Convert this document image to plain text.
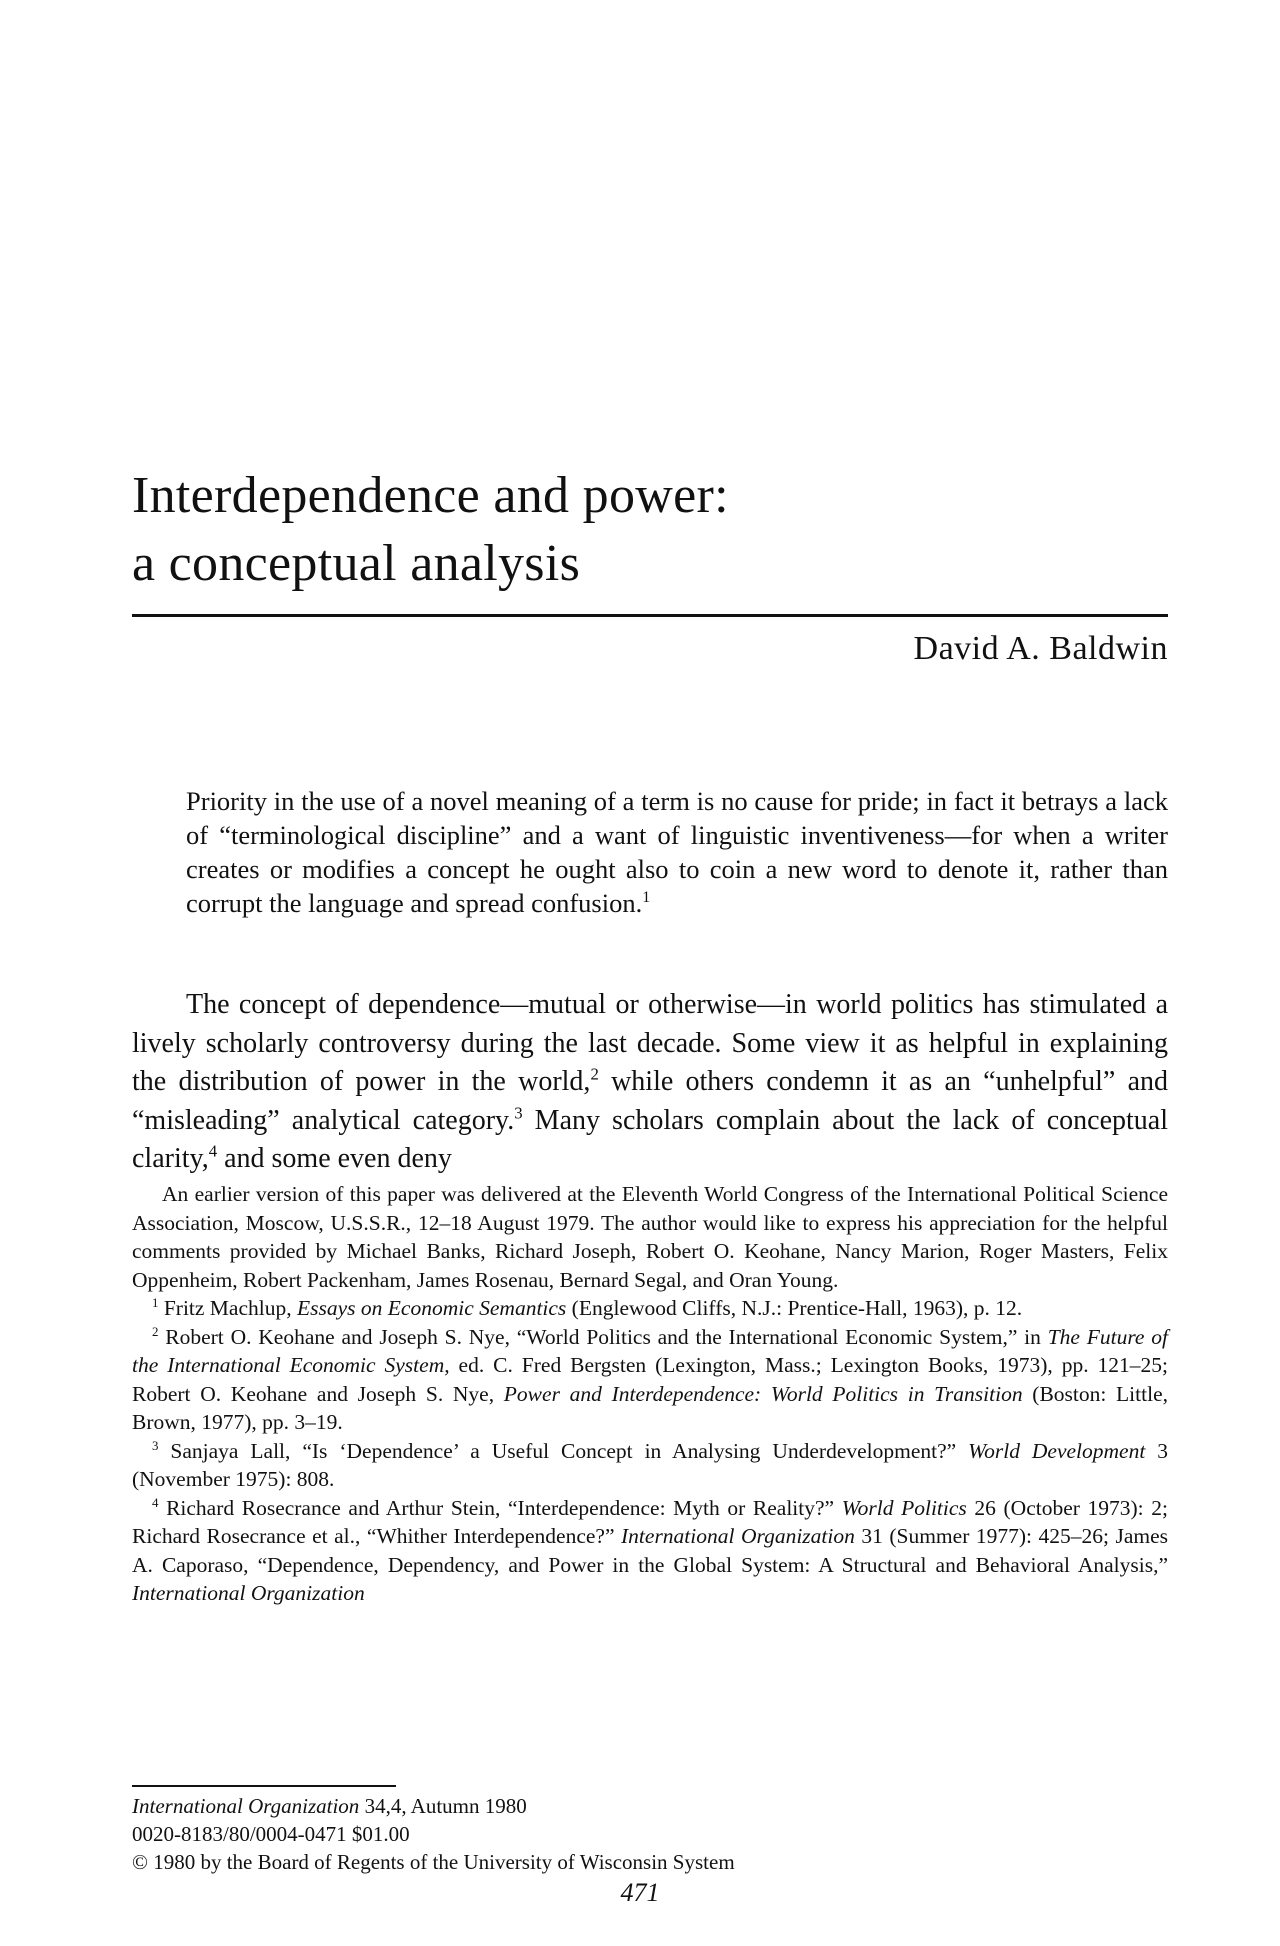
Interdependence and power:
a conceptual analysis
David A. Baldwin

Priority in the use of a novel meaning of a term is no cause for pride; in fact it betrays a lack of “terminological discipline” and a want of linguistic inventiveness—for when a writer creates or modifies a concept he ought also to coin a new word to denote it, rather than corrupt the language and spread confusion.$^1$

The concept of dependence—mutual or otherwise—in world politics has stimulated a lively scholarly controversy during the last decade. Some view it as helpful in explaining the distribution of power in the world,$^2$ while others condemn it as an “unhelpful” and “misleading” analytical category.$^3$ Many scholars complain about the lack of conceptual clarity,$^4$ and some even deny

An earlier version of this paper was delivered at the Eleventh World Congress of the International Political Science Association, Moscow, U.S.S.R., 12–18 August 1979. The author would like to express his appreciation for the helpful comments provided by Michael Banks, Richard Joseph, Robert O. Keohane, Nancy Marion, Roger Masters, Felix Oppenheim, Robert Packenham, James Rosenau, Bernard Segal, and Oran Young.

$^1$ Fritz Machlup, Essays on Economic Semantics (Englewood Cliffs, N.J.: Prentice-Hall, 1963), p. 12.

$^2$ Robert O. Keohane and Joseph S. Nye, “World Politics and the International Economic System,” in The Future of the International Economic System, ed. C. Fred Bergsten (Lexington, Mass.; Lexington Books, 1973), pp. 121–25; Robert O. Keohane and Joseph S. Nye, Power and Interdependence: World Politics in Transition (Boston: Little, Brown, 1977), pp. 3–19.

$^3$ Sanjaya Lall, “Is ‘Dependence’ a Useful Concept in Analysing Underdevelopment?” World Development 3 (November 1975): 808.

$^4$ Richard Rosecrance and Arthur Stein, “Interdependence: Myth or Reality?” World Politics 26 (October 1973): 2; Richard Rosecrance et al., “Whither Interdependence?” International Organization 31 (Summer 1977): 425–26; James A. Caporaso, “Dependence, Dependency, and Power in the Global System: A Structural and Behavioral Analysis,” International Organization

International Organization 34,4, Autumn 1980
0020-8183/80/0004-0471 $01.00
© 1980 by the Board of Regents of the University of Wisconsin System
471
